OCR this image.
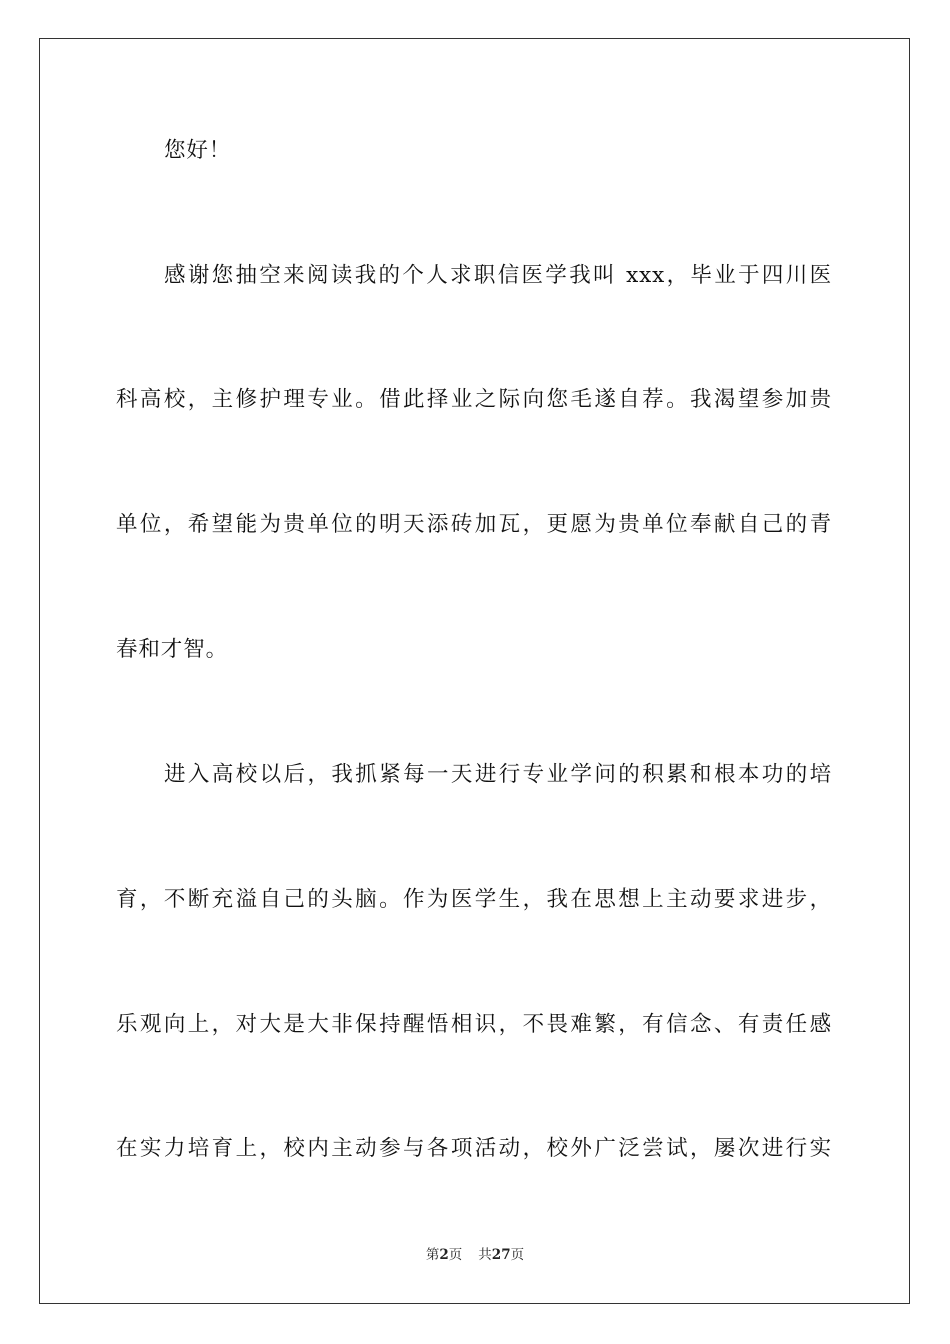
您好！
感谢您抽空来阅读我的个人求职信医学我叫 xxx，毕业于四川医
科高校，主修护理专业。借此择业之际向您毛遂自荐。我渴望参加贵
单位，希望能为贵单位的明天添砖加瓦，更愿为贵单位奉献自己的青
春和才智。
进入高校以后，我抓紧每一天进行专业学问的积累和根本功的培
育，不断充溢自己的头脑。作为医学生，我在思想上主动要求进步，
乐观向上，对大是大非保持醒悟相识，不畏难繁，有信念、有责任感
在实力培育上，校内主动参与各项活动，校外广泛尝试，屡次进行实
第2页 共27页
